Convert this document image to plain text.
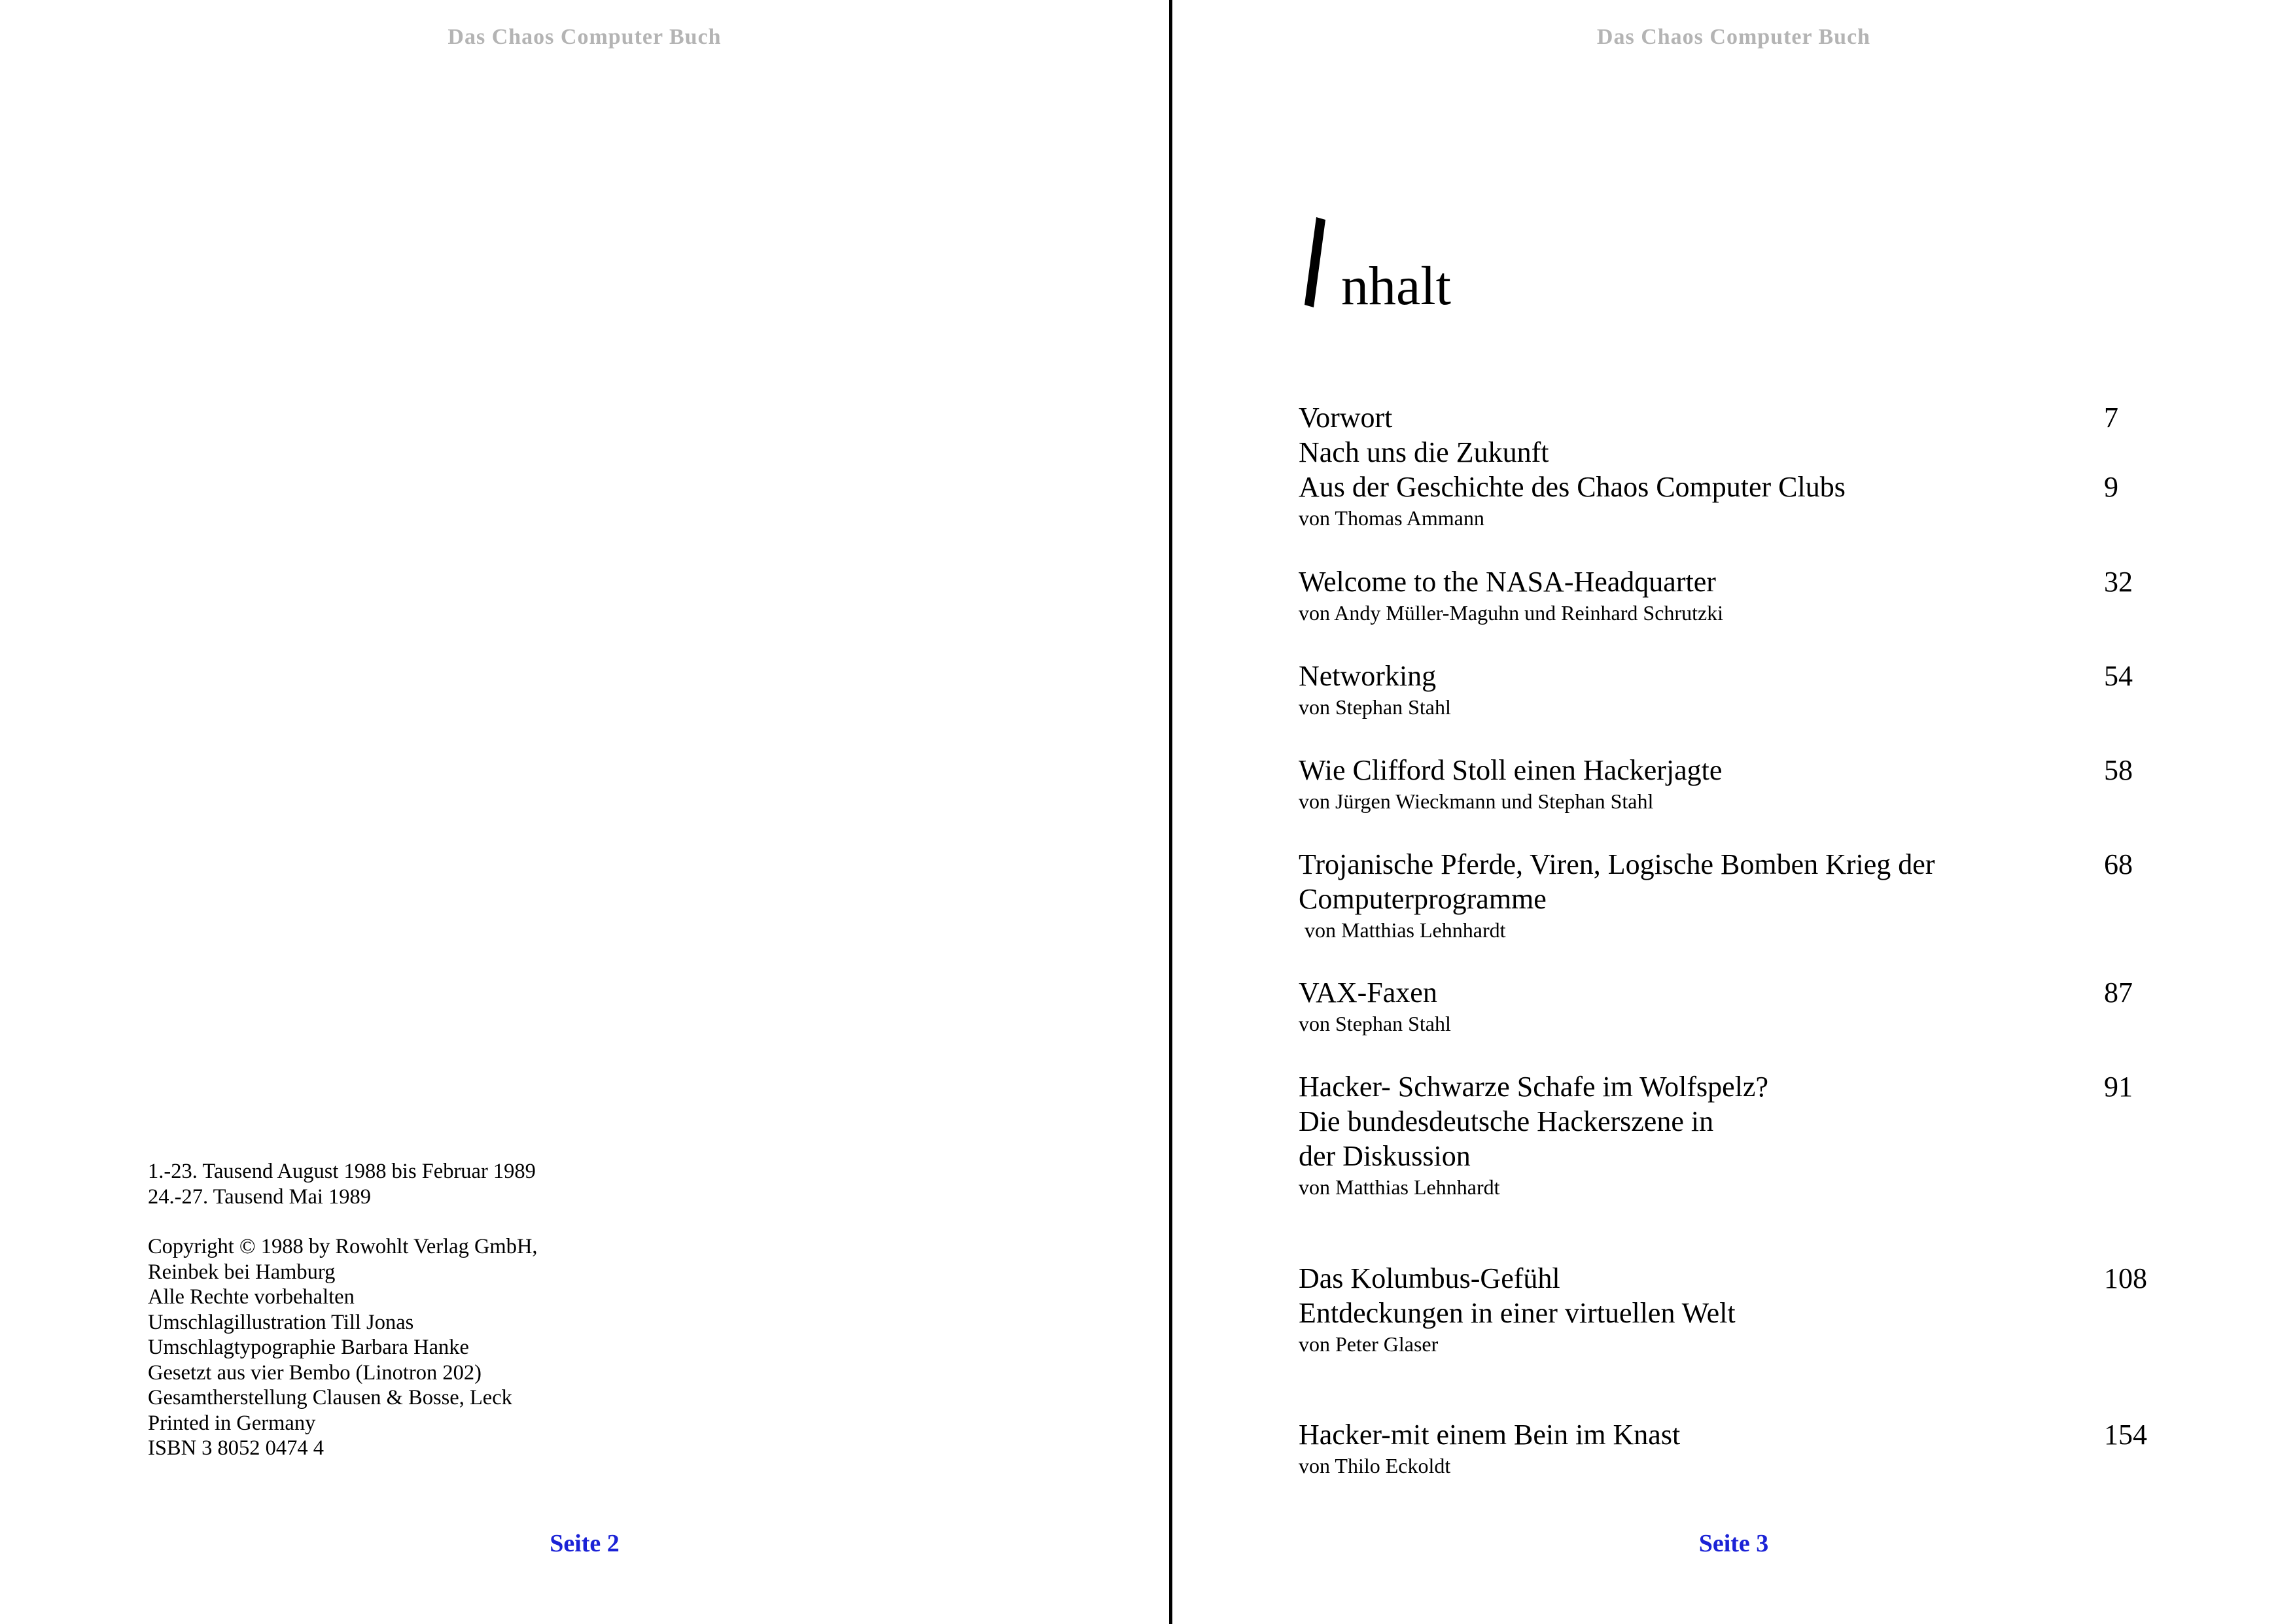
Das Chaos Computer Buch
1.-23. Tausend August 1988 bis Februar 1989
24.-27. Tausend Mai 1989
Copyright © 1988 by Rowohlt Verlag GmbH,
Reinbek bei Hamburg
Alle Rechte vorbehalten
Umschlagillustration Till Jonas
Umschlagtypographie Barbara Hanke
Gesetzt aus vier Bembo (Linotron 202)
Gesamtherstellung Clausen & Bosse, Leck
Printed in Germany
ISBN 3 8052 0474 4
Seite 2
Das Chaos Computer Buch
nhalt
Vorwort	7
Nach uns die Zukunft
Aus der Geschichte des Chaos Computer Clubs
von Thomas Ammann
9
Welcome to the NASA-Headquarter
von Andy Müller-Maguhn und Reinhard Schrutzki
32
Networking
von Stephan Stahl
54
Wie Clifford Stoll einen Hackerjagte
von Jürgen Wieckmann und Stephan Stahl
58
Trojanische Pferde, Viren, Logische Bomben Krieg der
Computerprogramme
von Matthias Lehnhardt
68
VAX-Faxen
von Stephan Stahl
87
Hacker- Schwarze Schafe im Wolfspelz?
Die bundesdeutsche Hackerszene in
der Diskussion
von Matthias Lehnhardt
91
Das Kolumbus-Gefühl
Entdeckungen in einer virtuellen Welt
von Peter Glaser
108
Hacker-mit einem Bein im Knast
von Thilo Eckoldt
154
Seite 3
